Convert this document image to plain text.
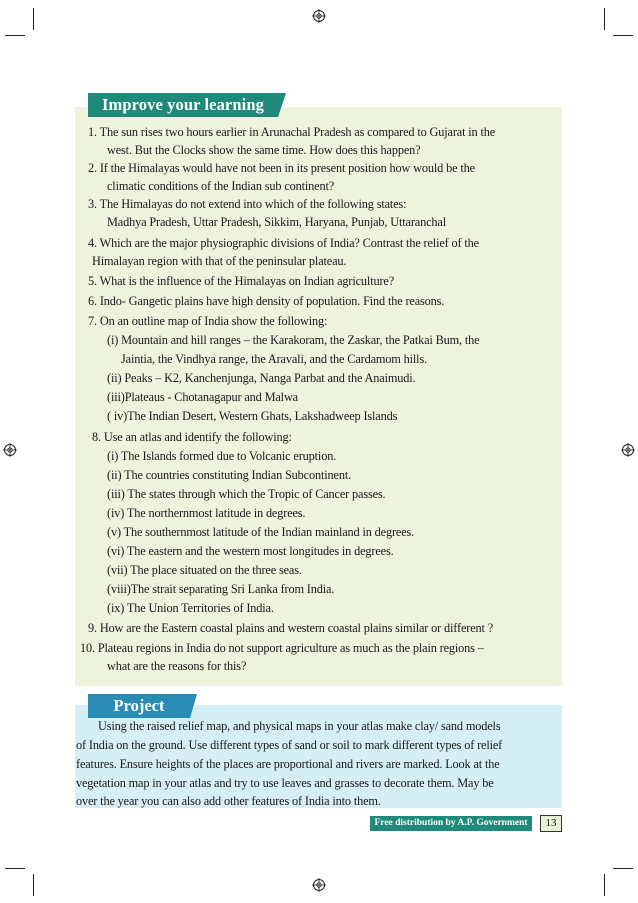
Improve your learning
1. The sun rises two hours earlier in Arunachal Pradesh as compared to Gujarat in the
west. But the Clocks show the same time. How does this happen?
2. If the Himalayas would have not been in its present position how would be the
climatic conditions of the Indian sub continent?
3. The Himalayas do not extend into which of the following states:
Madhya Pradesh, Uttar Pradesh, Sikkim, Haryana, Punjab, Uttaranchal
4. Which are the major physiographic divisions of India? Contrast the relief of the
Himalayan region with that of the peninsular plateau.
5. What is the influence of the Himalayas on Indian agriculture?
6. Indo- Gangetic plains have high density of population. Find the reasons.
7. On an outline map of India show the following:
(i) Mountain and hill ranges – the Karakoram, the Zaskar, the Patkai Bum, the
Jaintia, the Vindhya range, the Aravali, and the Cardamom hills.
(ii) Peaks – K2, Kanchenjunga, Nanga Parbat and the Anaimudi.
(iii)Plateaus - Chotanagapur and Malwa
( iv)The Indian Desert, Western Ghats, Lakshadweep Islands
8. Use an atlas and identify the following:
(i) The Islands formed due to Volcanic eruption.
(ii) The countries constituting Indian Subcontinent.
(iii) The states through which the Tropic of Cancer passes.
(iv) The northernmost latitude in degrees.
(v) The southernmost latitude of the Indian mainland in degrees.
(vi) The eastern and the western most longitudes in degrees.
(vii) The place situated on the three seas.
(viii)The strait separating Sri Lanka from India.
(ix) The Union Territories of India.
9. How are the Eastern coastal plains and western coastal plains similar or different ?
10. Plateau regions in India do not support agriculture as much as the plain regions –
what are the reasons for this?
Project
Using the raised relief map, and physical maps in your atlas make clay/ sand models
of India on the ground. Use different types of sand or soil to mark different types of relief
features. Ensure heights of the places are proportional and rivers are marked. Look at the
vegetation map in your atlas and try to use leaves and grasses to decorate them. May be
over the year you can also add other features of India into them.
Free distribution by A.P. Government	13
